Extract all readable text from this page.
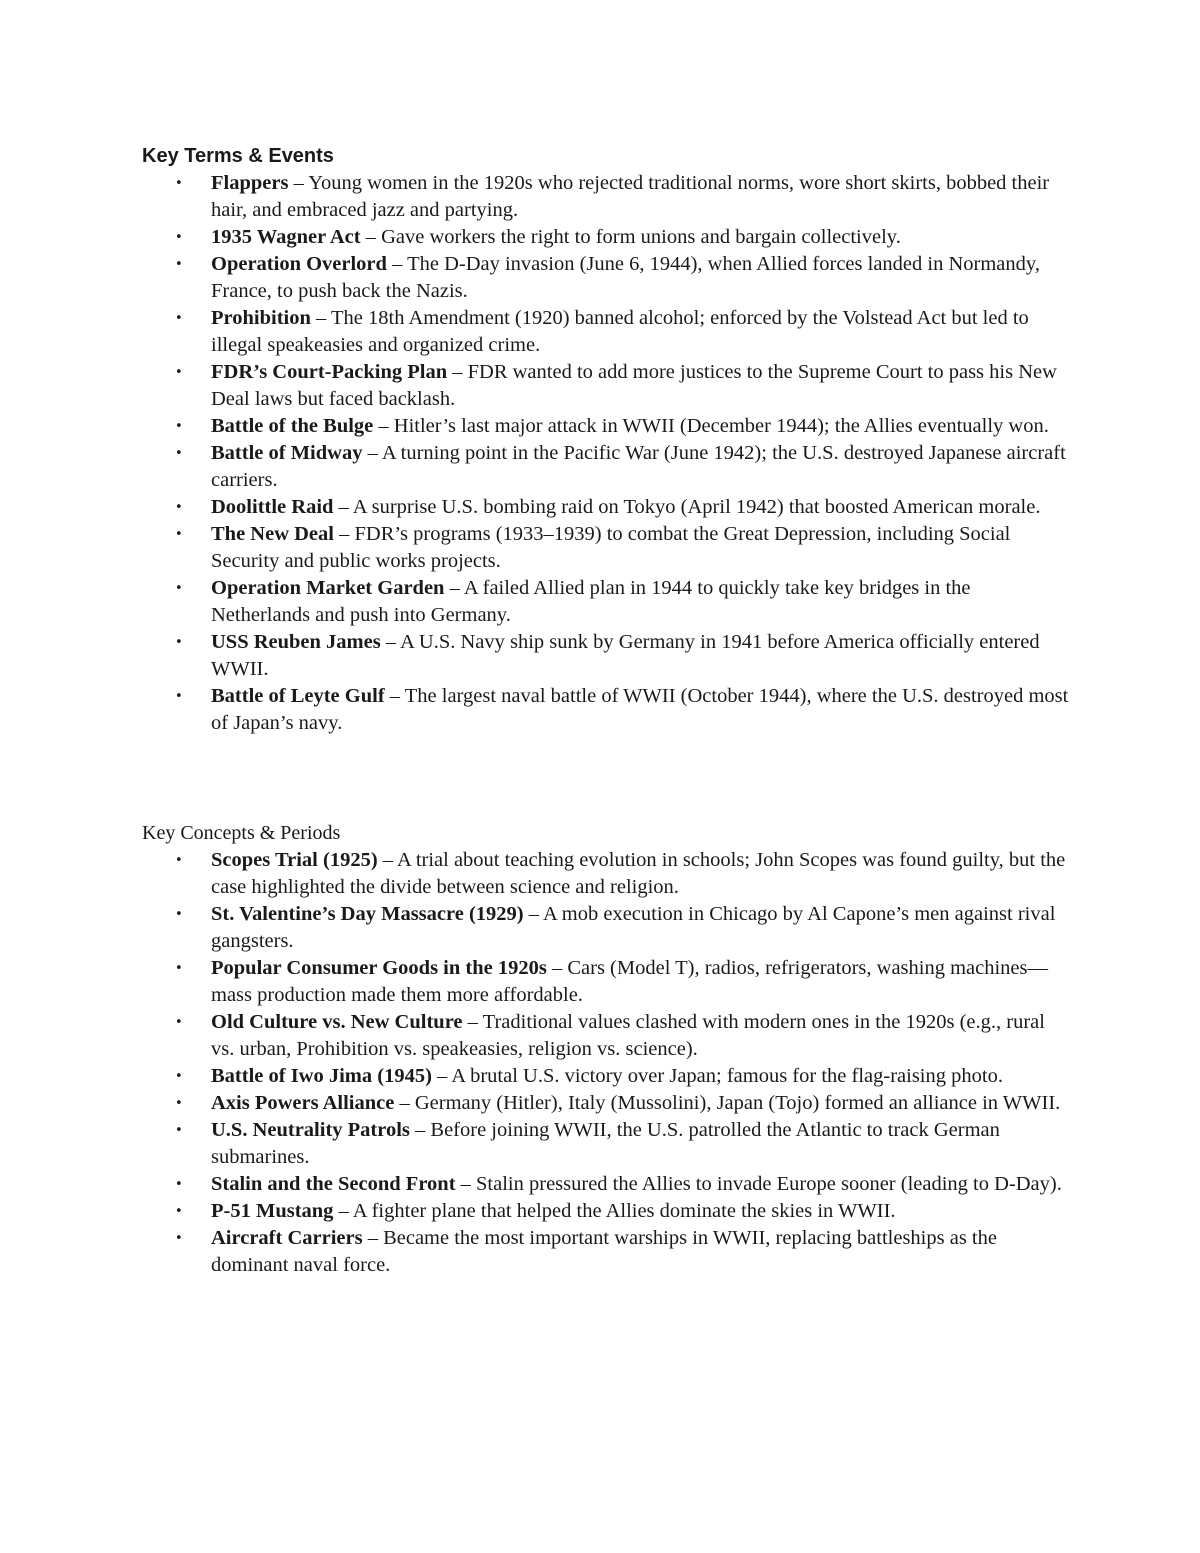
Key Terms & Events
• Flappers – Young women in the 1920s who rejected traditional norms, wore short skirts, bobbed their hair, and embraced jazz and partying.
• 1935 Wagner Act – Gave workers the right to form unions and bargain collectively.
• Operation Overlord – The D-Day invasion (June 6, 1944), when Allied forces landed in Normandy, France, to push back the Nazis.
• Prohibition – The 18th Amendment (1920) banned alcohol; enforced by the Volstead Act but led to illegal speakeasies and organized crime.
• FDR’s Court-Packing Plan – FDR wanted to add more justices to the Supreme Court to pass his New Deal laws but faced backlash.
• Battle of the Bulge – Hitler’s last major attack in WWII (December 1944); the Allies eventually won.
• Battle of Midway – A turning point in the Pacific War (June 1942); the U.S. destroyed Japanese aircraft carriers.
• Doolittle Raid – A surprise U.S. bombing raid on Tokyo (April 1942) that boosted American morale.
• The New Deal – FDR’s programs (1933–1939) to combat the Great Depression, including Social Security and public works projects.
• Operation Market Garden – A failed Allied plan in 1944 to quickly take key bridges in the Netherlands and push into Germany.
• USS Reuben James – A U.S. Navy ship sunk by Germany in 1941 before America officially entered WWII.
• Battle of Leyte Gulf – The largest naval battle of WWII (October 1944), where the U.S. destroyed most of Japan’s navy.
Key Concepts & Periods
• Scopes Trial (1925) – A trial about teaching evolution in schools; John Scopes was found guilty, but the case highlighted the divide between science and religion.
• St. Valentine’s Day Massacre (1929) – A mob execution in Chicago by Al Capone’s men against rival gangsters.
• Popular Consumer Goods in the 1920s – Cars (Model T), radios, refrigerators, washing machines—mass production made them more affordable.
• Old Culture vs. New Culture – Traditional values clashed with modern ones in the 1920s (e.g., rural vs. urban, Prohibition vs. speakeasies, religion vs. science).
• Battle of Iwo Jima (1945) – A brutal U.S. victory over Japan; famous for the flag-raising photo.
• Axis Powers Alliance – Germany (Hitler), Italy (Mussolini), Japan (Tojo) formed an alliance in WWII.
• U.S. Neutrality Patrols – Before joining WWII, the U.S. patrolled the Atlantic to track German submarines.
• Stalin and the Second Front – Stalin pressured the Allies to invade Europe sooner (leading to D-Day).
• P-51 Mustang – A fighter plane that helped the Allies dominate the skies in WWII.
• Aircraft Carriers – Became the most important warships in WWII, replacing battleships as the dominant naval force.
